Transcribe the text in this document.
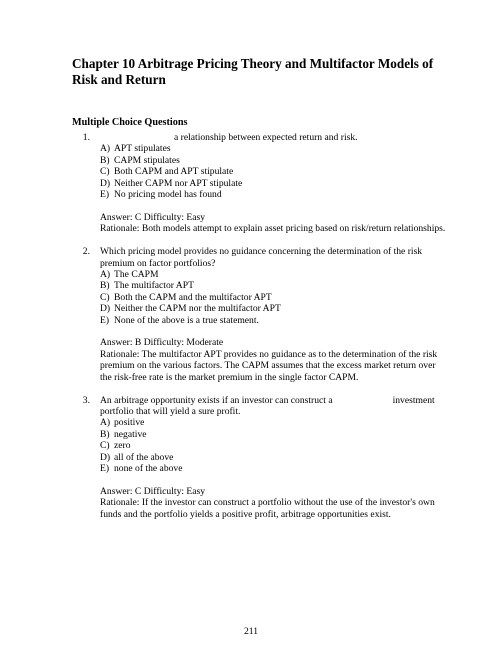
Chapter 10 Arbitrage Pricing Theory and Multifactor Models of Risk and Return
Multiple Choice Questions
1.	a relationship between expected return and risk.
A) APT stipulates
B) CAPM stipulates
C) Both CAPM and APT stipulate
D) Neither CAPM nor APT stipulate
E) No pricing model has found
Answer: C Difficulty: Easy
Rationale: Both models attempt to explain asset pricing based on risk/return relationships.
2. Which pricing model provides no guidance concerning the determination of the risk premium on factor portfolios?
A) The CAPM
B) The multifactor APT
C) Both the CAPM and the multifactor APT
D) Neither the CAPM nor the multifactor APT
E) None of the above is a true statement.
Answer: B Difficulty: Moderate
Rationale: The multifactor APT provides no guidance as to the determination of the risk premium on the various factors. The CAPM assumes that the excess market return over the risk-free rate is the market premium in the single factor CAPM.
3. An arbitrage opportunity exists if an investor can construct a	investment portfolio that will yield a sure profit.
A) positive
B) negative
C) zero
D) all of the above
E) none of the above
Answer: C Difficulty: Easy
Rationale: If the investor can construct a portfolio without the use of the investor's own funds and the portfolio yields a positive profit, arbitrage opportunities exist.
211
